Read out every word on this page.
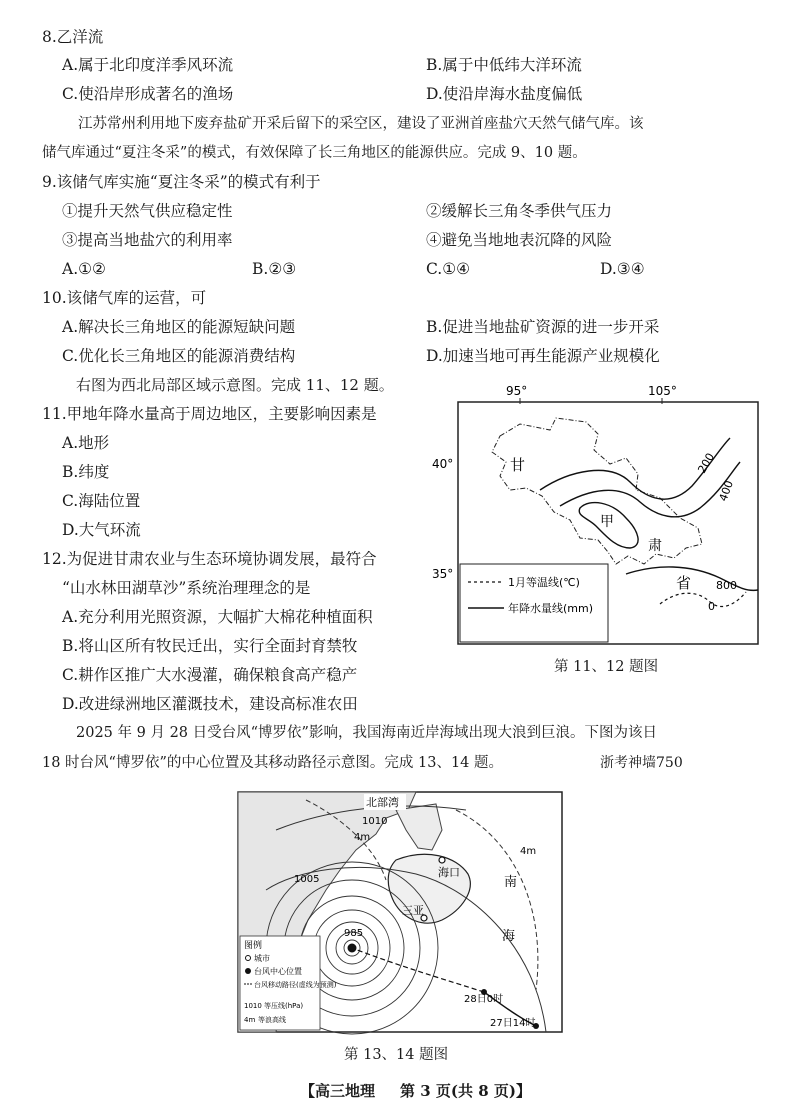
8.乙洋流
A.属于北印度洋季风环流	B.属于中低纬大洋环流
C.使沿岸形成著名的渔场	D.使沿岸海水盐度偏低
江苏常州利用地下废弃盐矿开采后留下的采空区，建设了亚洲首座盐穴天然气储气库。该
储气库通过“夏注冬采”的模式，有效保障了长三角地区的能源供应。完成 9、10 题。
9.该储气库实施“夏注冬采”的模式有利于
①提升天然气供应稳定性	②缓解长三角冬季供气压力
③提高当地盐穴的利用率	④避免当地地表沉降的风险
A.①②	B.②③	C.①④	D.③④
10.该储气库的运营，可
A.解决长三角地区的能源短缺问题	B.促进当地盐矿资源的进一步开采
C.优化长三角地区的能源消费结构	D.加速当地可再生能源产业规模化
右图为西北局部区域示意图。完成 11、12 题。
11.甲地年降水量高于周边地区，主要影响因素是
A.地形
B.纬度
C.海陆位置
D.大气环流
12.为促进甘肃农业与生态环境协调发展，最符合
“山水林田湖草沙”系统治理理念的是
A.充分利用光照资源，大幅扩大棉花种植面积
B.将山区所有牧民迁出，实行全面封育禁牧
C.耕作区推广大水漫灌，确保粮食高产稳产
D.改进绿洲地区灌溉技术，建设高标准农田
95°	105°
40°
35°
200
400
800
0
甘
甲
肃
省
1月等温线(℃)
年降水量线(mm)
第 11、12 题图
2025 年 9 月 28 日受台风“博罗依”影响，我国海南近岸海域出现大浪到巨浪。下图为该日
18 时台风“博罗依”的中心位置及其移动路径示意图。完成 13、14 题。	浙考神墙750
北部湾
1010
1005
985
4m
4m
海口
三亚
南
海
28日0时
27日14时
图例
城市
台风中心位置
台风移动路径(虚线为预测)
1010 等压线(hPa)
4m 等浪高线
第 13、14 题图
【高三地理 第 3 页(共 8 页)】
